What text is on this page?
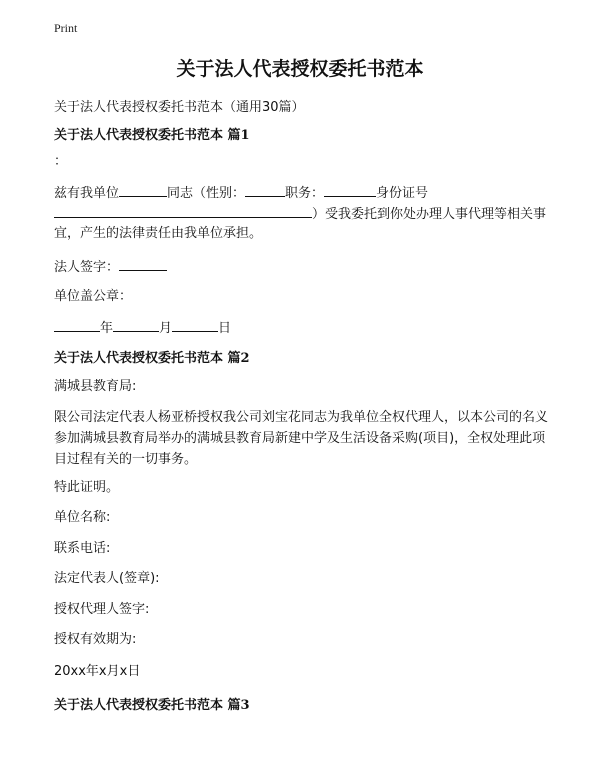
Print
关于法人代表授权委托书范本
关于法人代表授权委托书范本（通用30篇）
关于法人代表授权委托书范本 篇1
：
兹有我单位	同志（性别：	职务：	身份证号
）受我委托到你处办理人事代理等相关事
宜，产生的法律责任由我单位承担。
法人签字：
单位盖公章：
年	月	日
关于法人代表授权委托书范本 篇2
满城县教育局:
限公司法定代表人杨亚桥授权我公司刘宝花同志为我单位全权代理人，以本公司的名义参加满城县教育局举办的满城县教育局新建中学及生活设备采购(项目)，全权处理此项目过程有关的一切事务。
特此证明。
单位名称:
联系电话:
法定代表人(签章):
授权代理人签字:
授权有效期为:
20xx年x月x日
关于法人代表授权委托书范本 篇3
